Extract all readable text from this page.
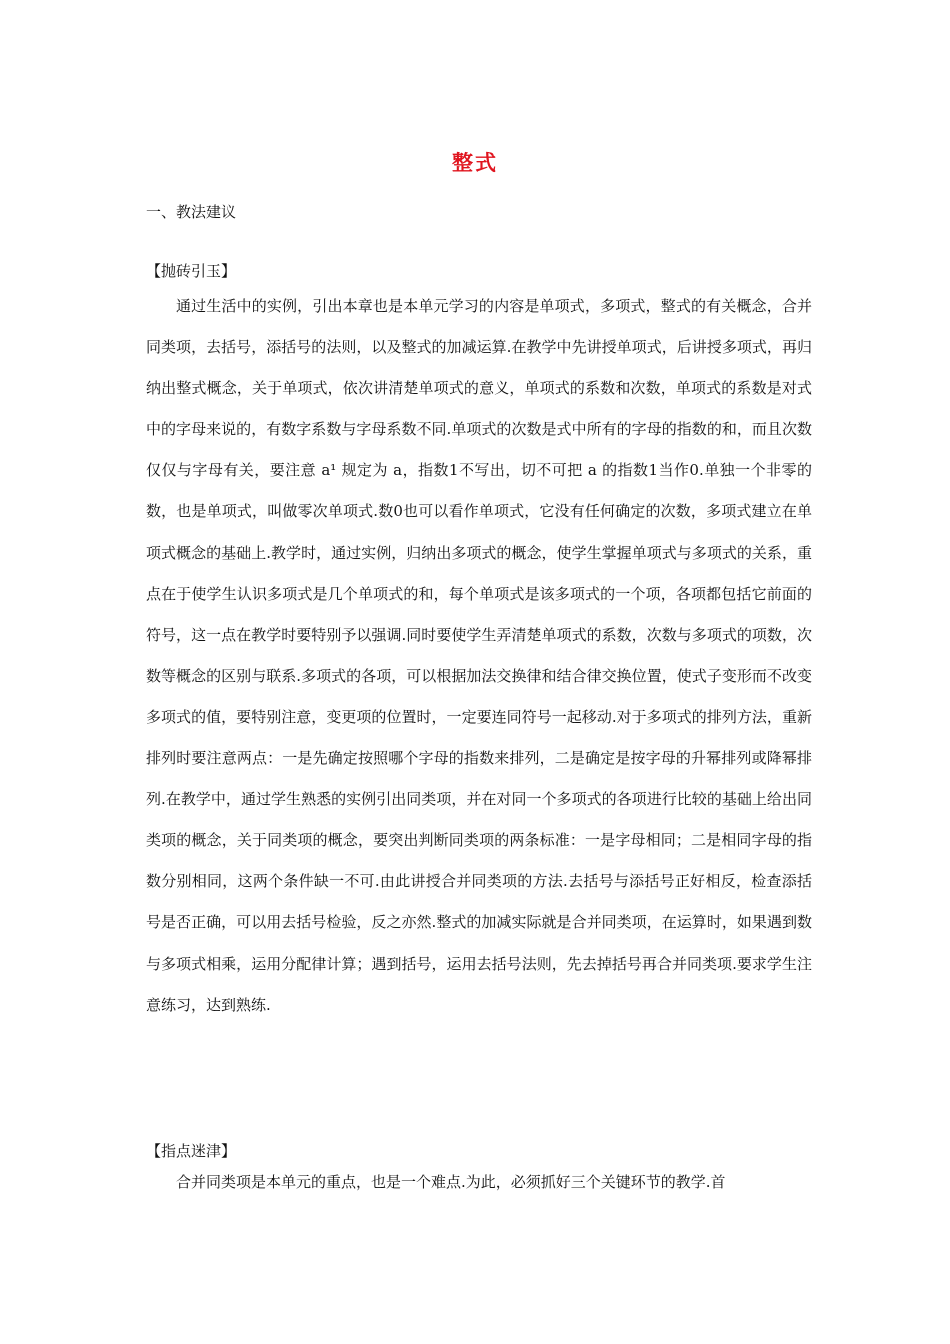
整式
一、教法建议
【抛砖引玉】

通过生活中的实例，引出本章也是本单元学习的内容是单项式，多项式，整式的有关概念，合并同类项，去括号，添括号的法则，以及整式的加减运算.在教学中先讲授单项式，后讲授多项式，再归纳出整式概念，关于单项式，依次讲清楚单项式的意义，单项式的系数和次数，单项式的系数是对式中的字母来说的，有数字系数与字母系数不同.单项式的次数是式中所有的字母的指数的和，而且次数仅仅与字母有关，要注意 a¹ 规定为 a，指数1不写出，切不可把 a 的指数1当作0.单独一个非零的数，也是单项式，叫做零次单项式.数0也可以看作单项式，它没有任何确定的次数，多项式建立在单项式概念的基础上.教学时，通过实例，归纳出多项式的概念，使学生掌握单项式与多项式的关系，重点在于使学生认识多项式是几个单项式的和，每个单项式是该多项式的一个项，各项都包括它前面的符号，这一点在教学时要特别予以强调.同时要使学生弄清楚单项式的系数，次数与多项式的项数，次数等概念的区别与联系.多项式的各项，可以根据加法交换律和结合律交换位置，使式子变形而不改变多项式的值，要特别注意，变更项的位置时，一定要连同符号一起移动.对于多项式的排列方法，重新排列时要注意两点：一是先确定按照哪个字母的指数来排列，二是确定是按字母的升幂排列或降幂排列.在教学中，通过学生熟悉的实例引出同类项，并在对同一个多项式的各项进行比较的基础上给出同类项的概念，关于同类项的概念，要突出判断同类项的两条标准：一是字母相同；二是相同字母的指数分别相同，这两个条件缺一不可.由此讲授合并同类项的方法.去括号与添括号正好相反，检查添括号是否正确，可以用去括号检验，反之亦然.整式的加减实际就是合并同类项，在运算时，如果遇到数与多项式相乘，运用分配律计算；遇到括号，运用去括号法则，先去掉括号再合并同类项.要求学生注意练习，达到熟练.

【指点迷津】

合并同类项是本单元的重点，也是一个难点.为此，必须抓好三个关键环节的教学.首
